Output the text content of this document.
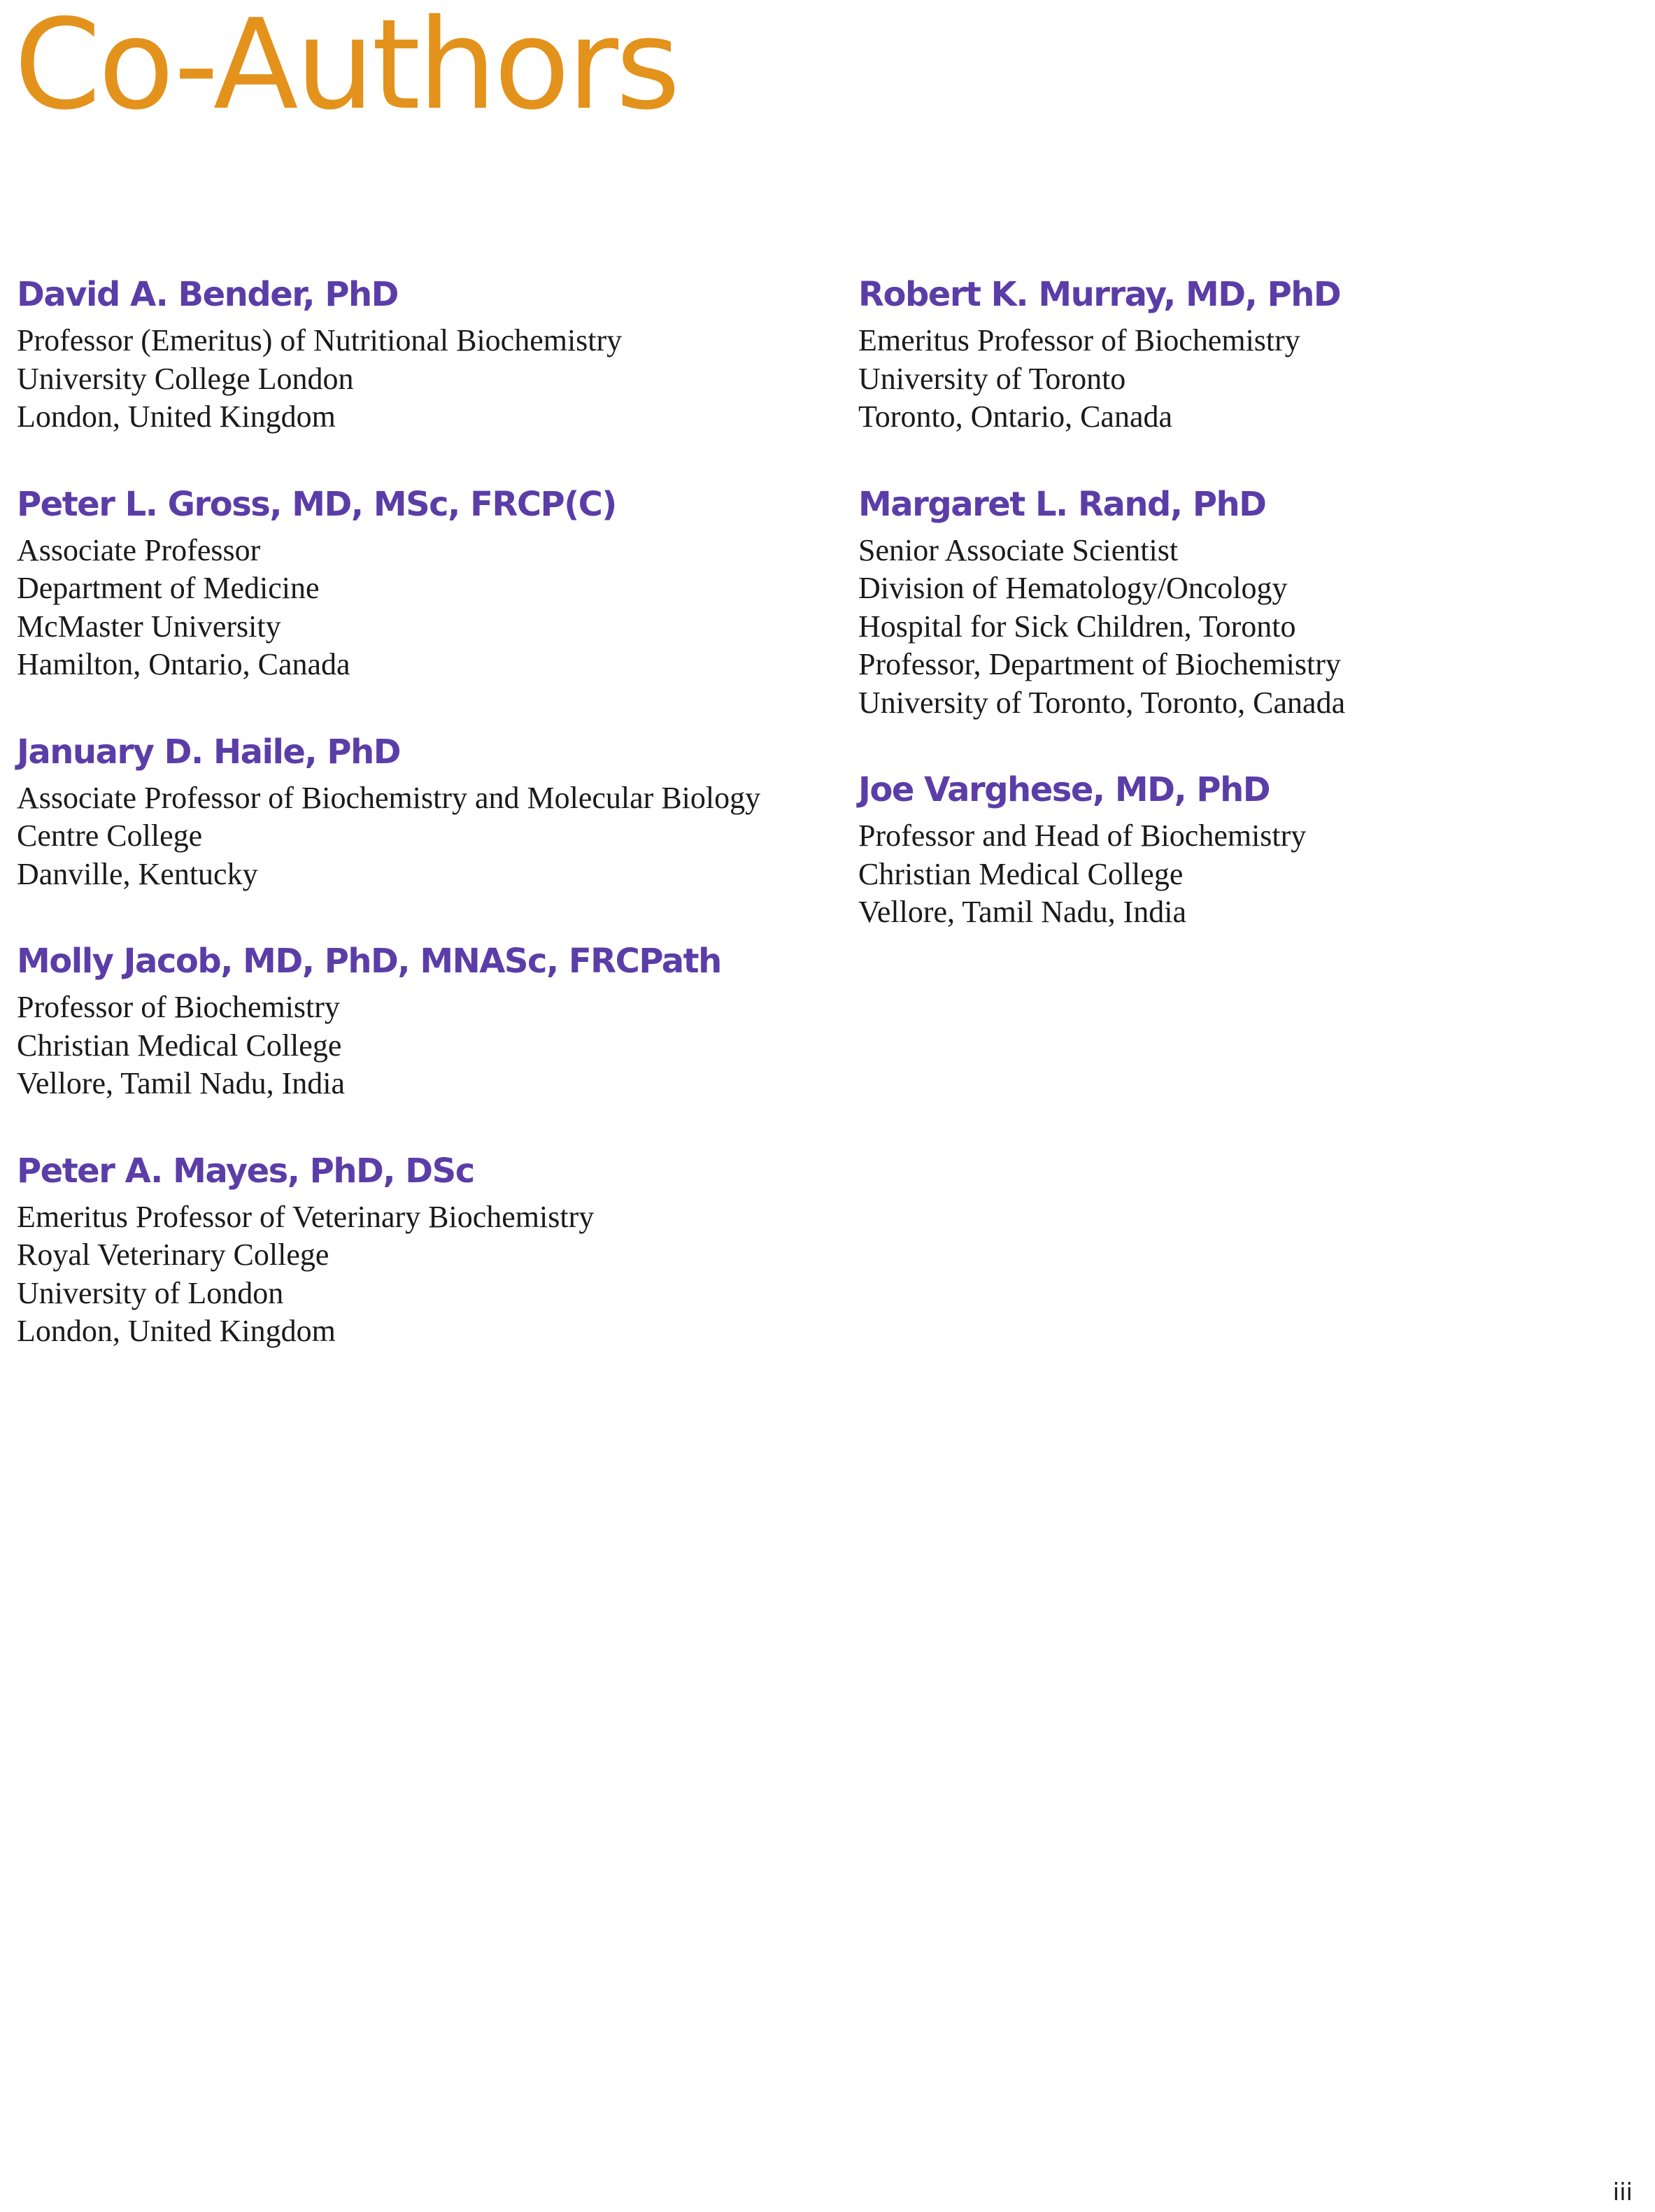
Co-Authors
David A. Bender, PhD
Professor (Emeritus) of Nutritional Biochemistry
University College London
London, United Kingdom
Peter L. Gross, MD, MSc, FRCP(C)
Associate Professor
Department of Medicine
McMaster University
Hamilton, Ontario, Canada
January D. Haile, PhD
Associate Professor of Biochemistry and Molecular Biology
Centre College
Danville, Kentucky
Molly Jacob, MD, PhD, MNASc, FRCPath
Professor of Biochemistry
Christian Medical College
Vellore, Tamil Nadu, India
Peter A. Mayes, PhD, DSc
Emeritus Professor of Veterinary Biochemistry
Royal Veterinary College
University of London
London, United Kingdom
Robert K. Murray, MD, PhD
Emeritus Professor of Biochemistry
University of Toronto
Toronto, Ontario, Canada
Margaret L. Rand, PhD
Senior Associate Scientist
Division of Hematology/Oncology
Hospital for Sick Children, Toronto
Professor, Department of Biochemistry
University of Toronto, Toronto, Canada
Joe Varghese, MD, PhD
Professor and Head of Biochemistry
Christian Medical College
Vellore, Tamil Nadu, India
iii
